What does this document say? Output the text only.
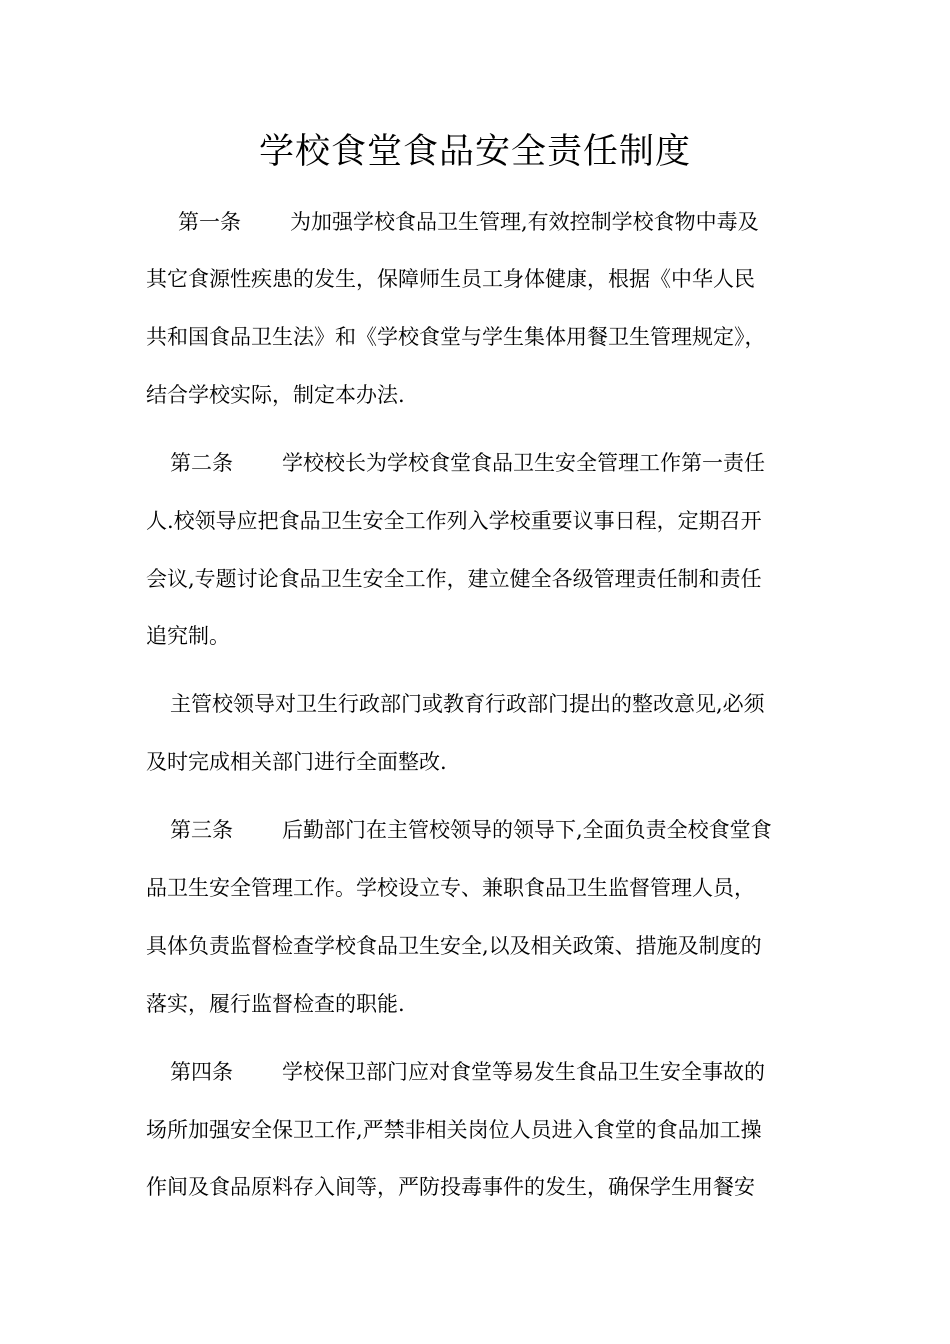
学校食堂食品安全责任制度
第一条 为加强学校食品卫生管理,有效控制学校食物中毒及
其它食源性疾患的发生，保障师生员工身体健康，根据《中华人民
共和国食品卫生法》和《学校食堂与学生集体用餐卫生管理规定》，
结合学校实际，制定本办法.
第二条 学校校长为学校食堂食品卫生安全管理工作第一责任
人.校领导应把食品卫生安全工作列入学校重要议事日程，定期召开
会议,专题讨论食品卫生安全工作，建立健全各级管理责任制和责任
追究制。
主管校领导对卫生行政部门或教育行政部门提出的整改意见,必须
及时完成相关部门进行全面整改.
第三条 后勤部门在主管校领导的领导下,全面负责全校食堂食
品卫生安全管理工作。学校设立专、兼职食品卫生监督管理人员，
具体负责监督检查学校食品卫生安全,以及相关政策、措施及制度的
落实，履行监督检查的职能.
第四条 学校保卫部门应对食堂等易发生食品卫生安全事故的
场所加强安全保卫工作,严禁非相关岗位人员进入食堂的食品加工操
作间及食品原料存入间等，严防投毒事件的发生，确保学生用餐安
